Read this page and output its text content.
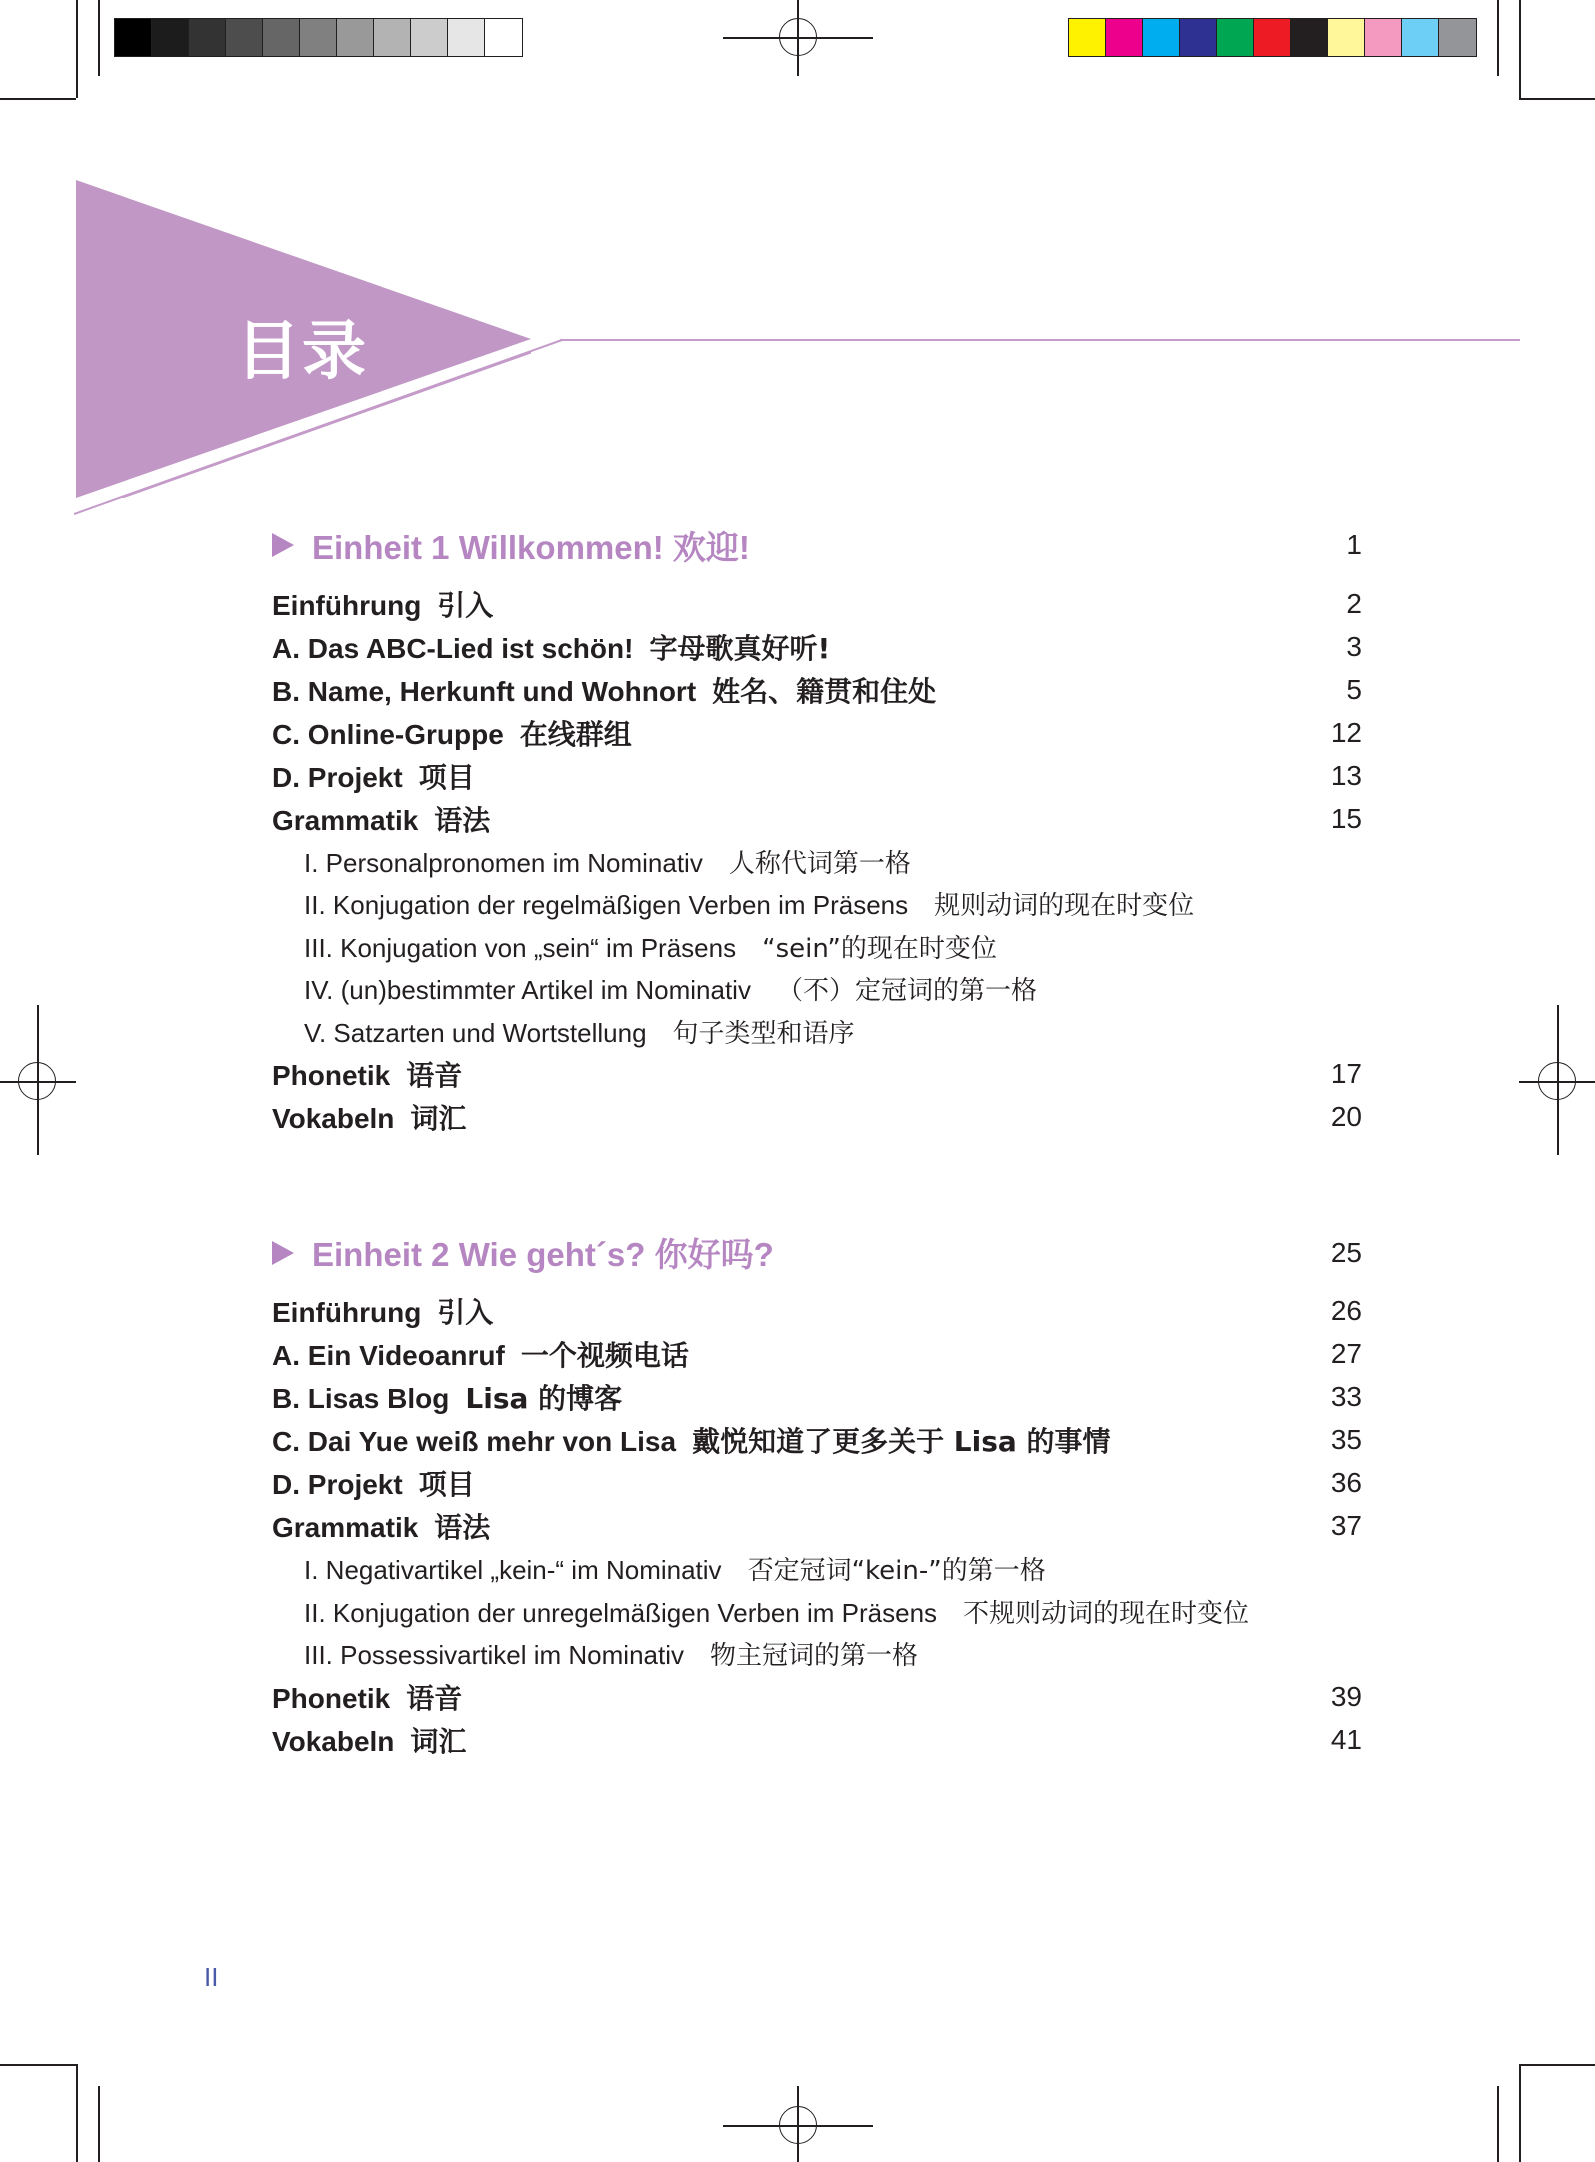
目录
Einheit 1 Willkommen! 欢迎!	1
Einführung 引入	2
A. Das ABC-Lied ist schön! 字母歌真好听!	3
B. Name, Herkunft und Wohnort 姓名、籍贯和住处	5
C. Online-Gruppe 在线群组	12
D. Projekt 项目	13
Grammatik 语法	15
I. Personalpronomen im Nominativ 人称代词第一格
II. Konjugation der regelmäßigen Verben im Präsens 规则动词的现在时变位
III. Konjugation von „sein“ im Präsens “sein”的现在时变位
IV. (un)bestimmter Artikel im Nominativ （不）定冠词的第一格
V. Satzarten und Wortstellung 句子类型和语序
Phonetik 语音	17
Vokabeln 词汇	20
Einheit 2 Wie geht´s? 你好吗?	25
Einführung 引入	26
A. Ein Videoanruf 一个视频电话	27
B. Lisas Blog Lisa 的博客	33
C. Dai Yue weiß mehr von Lisa 戴悦知道了更多关于 Lisa 的事情	35
D. Projekt 项目	36
Grammatik 语法	37
I. Negativartikel „kein-“ im Nominativ 否定冠词“kein-”的第一格
II. Konjugation der unregelmäßigen Verben im Präsens 不规则动词的现在时变位
III. Possessivartikel im Nominativ 物主冠词的第一格
Phonetik 语音	39
Vokabeln 词汇	41
II
